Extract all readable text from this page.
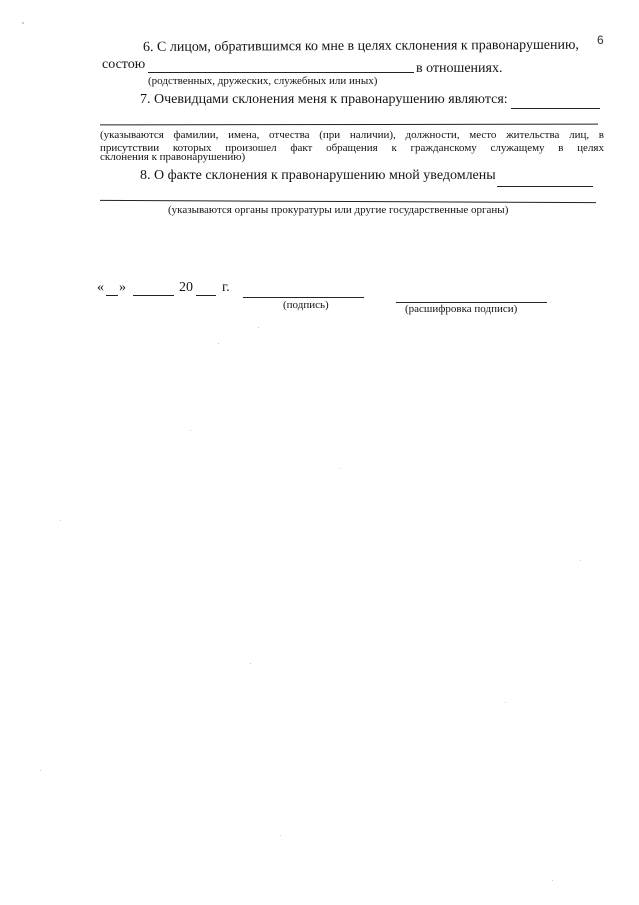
6
6. С лицом, обратившимся ко мне в целях склонения к правонарушению,
состою	в отношениях.
(родственных, дружеских, служебных или иных)
7. Очевидцами склонения меня к правонарушению являются:
(указываются фамилии, имена, отчества (при наличии), должности, место жительства лиц, в
присутствии которых произошел факт обращения к гражданскому служащему в целях
склонения к правонарушению)
8. О факте склонения к правонарушению мной уведомлены
(указываются органы прокуратуры или другие государственные органы)
« »	20 г.
(подпись)	(расшифровка подписи)
